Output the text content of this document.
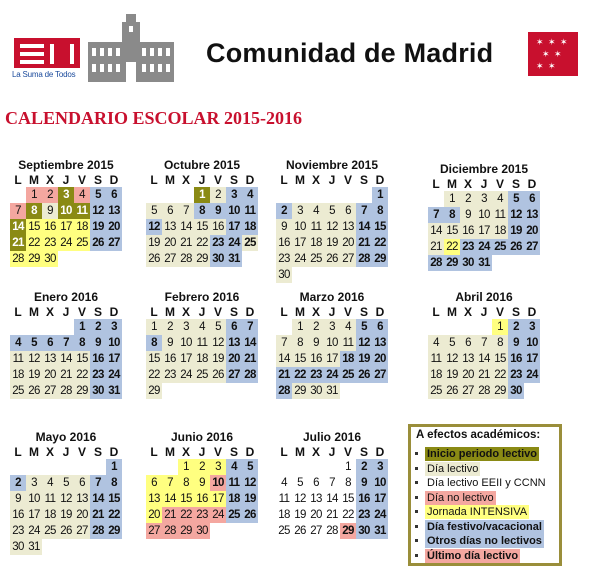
La Suma de Todos
Comunidad de Madrid	✶ ✶ ✶
✶ ✶
✶ ✶
CALENDARIO ESCOLAR 2015-2016
Septiembre 2015
L M X J V S D
1 2 3 4 5 6
7 8 9 10 11 12 13
14 15 16 17 18 19 20
21 22 23 24 25 26 27
28 29 30
Octubre 2015
L M X J V S D
1 2 3 4
5 6 7 8 9 10 11
12 13 14 15 16 17 18
19 20 21 22 23 24 25
26 27 28 29 30 31
Noviembre 2015
L M X J V S D
1
2 3 4 5 6 7 8
9 10 11 12 13 14 15
16 17 18 19 20 21 22
23 24 25 26 27 28 29
30
Diciembre 2015
L M X J V S D
1 2 3 4 5 6
7 8 9 10 11 12 13
14 15 16 17 18 19 20
21 22 23 24 25 26 27
28 29 30 31
Enero 2016
L M X J V S D
1 2 3
4 5 6 7 8 9 10
11 12 13 14 15 16 17
18 19 20 21 22 23 24
25 26 27 28 29 30 31
Febrero 2016
L M X J V S D
1 2 3 4 5 6 7
8 9 10 11 12 13 14
15 16 17 18 19 20 21
22 23 24 25 26 27 28
29
Marzo 2016
L M X J V S D
1 2 3 4 5 6
7 8 9 10 11 12 13
14 15 16 17 18 19 20
21 22 23 24 25 26 27
28 29 30 31
Abril 2016
L M X J V S D
1 2 3
4 5 6 7 8 9 10
11 12 13 14 15 16 17
18 19 20 21 22 23 24
25 26 27 28 29 30
Mayo 2016
L M X J V S D
1
2 3 4 5 6 7 8
9 10 11 12 13 14 15
16 17 18 19 20 21 22
23 24 25 26 27 28 29
30 31
Junio 2016
L M X J V S D
1 2 3 4 5
6 7 8 9 10 11 12
13 14 15 16 17 18 19
20 21 22 23 24 25 26
27 28 29 30
Julio 2016
L M X J V S D
1 2 3
4 5 6 7 8 9 10
11 12 13 14 15 16 17
18 19 20 21 22 23 24
25 26 27 28 29 30 31
A efectos académicos:
Inicio periodo lectivo
Día lectivo
Día lectivo EEII y CCNN
Día no lectivo
Jornada INTENSIVA
Día festivo/vacacional
Otros días no lectivos
Último día lectivo
